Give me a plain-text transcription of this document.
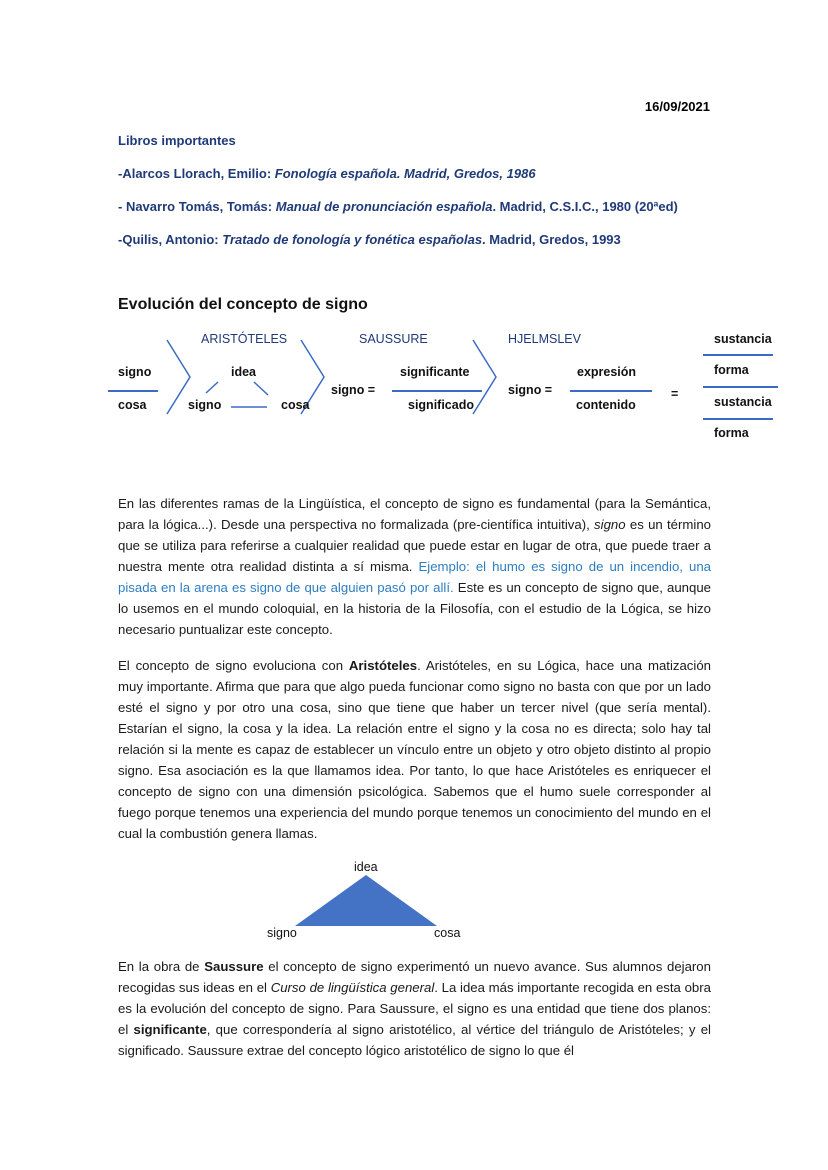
16/09/2021

Libros importantes

-Alarcos Llorach, Emilio: Fonología española. Madrid, Gredos, 1986

- Navarro Tomás, Tomás: Manual de pronunciación española. Madrid, C.S.I.C., 1980 (20ªed)

-Quilis, Antonio: Tratado de fonología y fonética españolas. Madrid, Gredos, 1993

Evolución del concepto de signo
ARISTÓTELES	SAUSSURE	HJELMSLEV
signo
cosa
idea
signo	cosa
signo =
significante
significado
signo =
expresión
contenido
=
sustancia
forma
sustancia
forma

En las diferentes ramas de la Lingüística, el concepto de signo es fundamental (para la Semántica, para la lógica...). Desde una perspectiva no formalizada (pre-científica intuitiva), signo es un término que se utiliza para referirse a cualquier realidad que puede estar en lugar de otra, que puede traer a nuestra mente otra realidad distinta a sí misma. Ejemplo: el humo es signo de un incendio, una pisada en la arena es signo de que alguien pasó por allí. Este es un concepto de signo que, aunque lo usemos en el mundo coloquial, en la historia de la Filosofía, con el estudio de la Lógica, se hizo necesario puntualizar este concepto.

El concepto de signo evoluciona con Aristóteles. Aristóteles, en su Lógica, hace una matización muy importante. Afirma que para que algo pueda funcionar como signo no basta con que por un lado esté el signo y por otro una cosa, sino que tiene que haber un tercer nivel (que sería mental). Estarían el signo, la cosa y la idea. La relación entre el signo y la cosa no es directa; solo hay tal relación si la mente es capaz de establecer un vínculo entre un objeto y otro objeto distinto al propio signo. Esa asociación es la que llamamos idea. Por tanto, lo que hace Aristóteles es enriquecer el concepto de signo con una dimensión psicológica. Sabemos que el humo suele corresponder al fuego porque tenemos una experiencia del mundo porque tenemos un conocimiento del mundo en el cual la combustión genera llamas.

idea
signo	cosa

En la obra de Saussure el concepto de signo experimentó un nuevo avance. Sus alumnos dejaron recogidas sus ideas en el Curso de lingüística general. La idea más importante recogida en esta obra es la evolución del concepto de signo. Para Saussure, el signo es una entidad que tiene dos planos: el significante, que correspondería al signo aristotélico, al vértice del triángulo de Aristóteles; y el significado. Saussure extrae del concepto lógico aristotélico de signo lo que él
